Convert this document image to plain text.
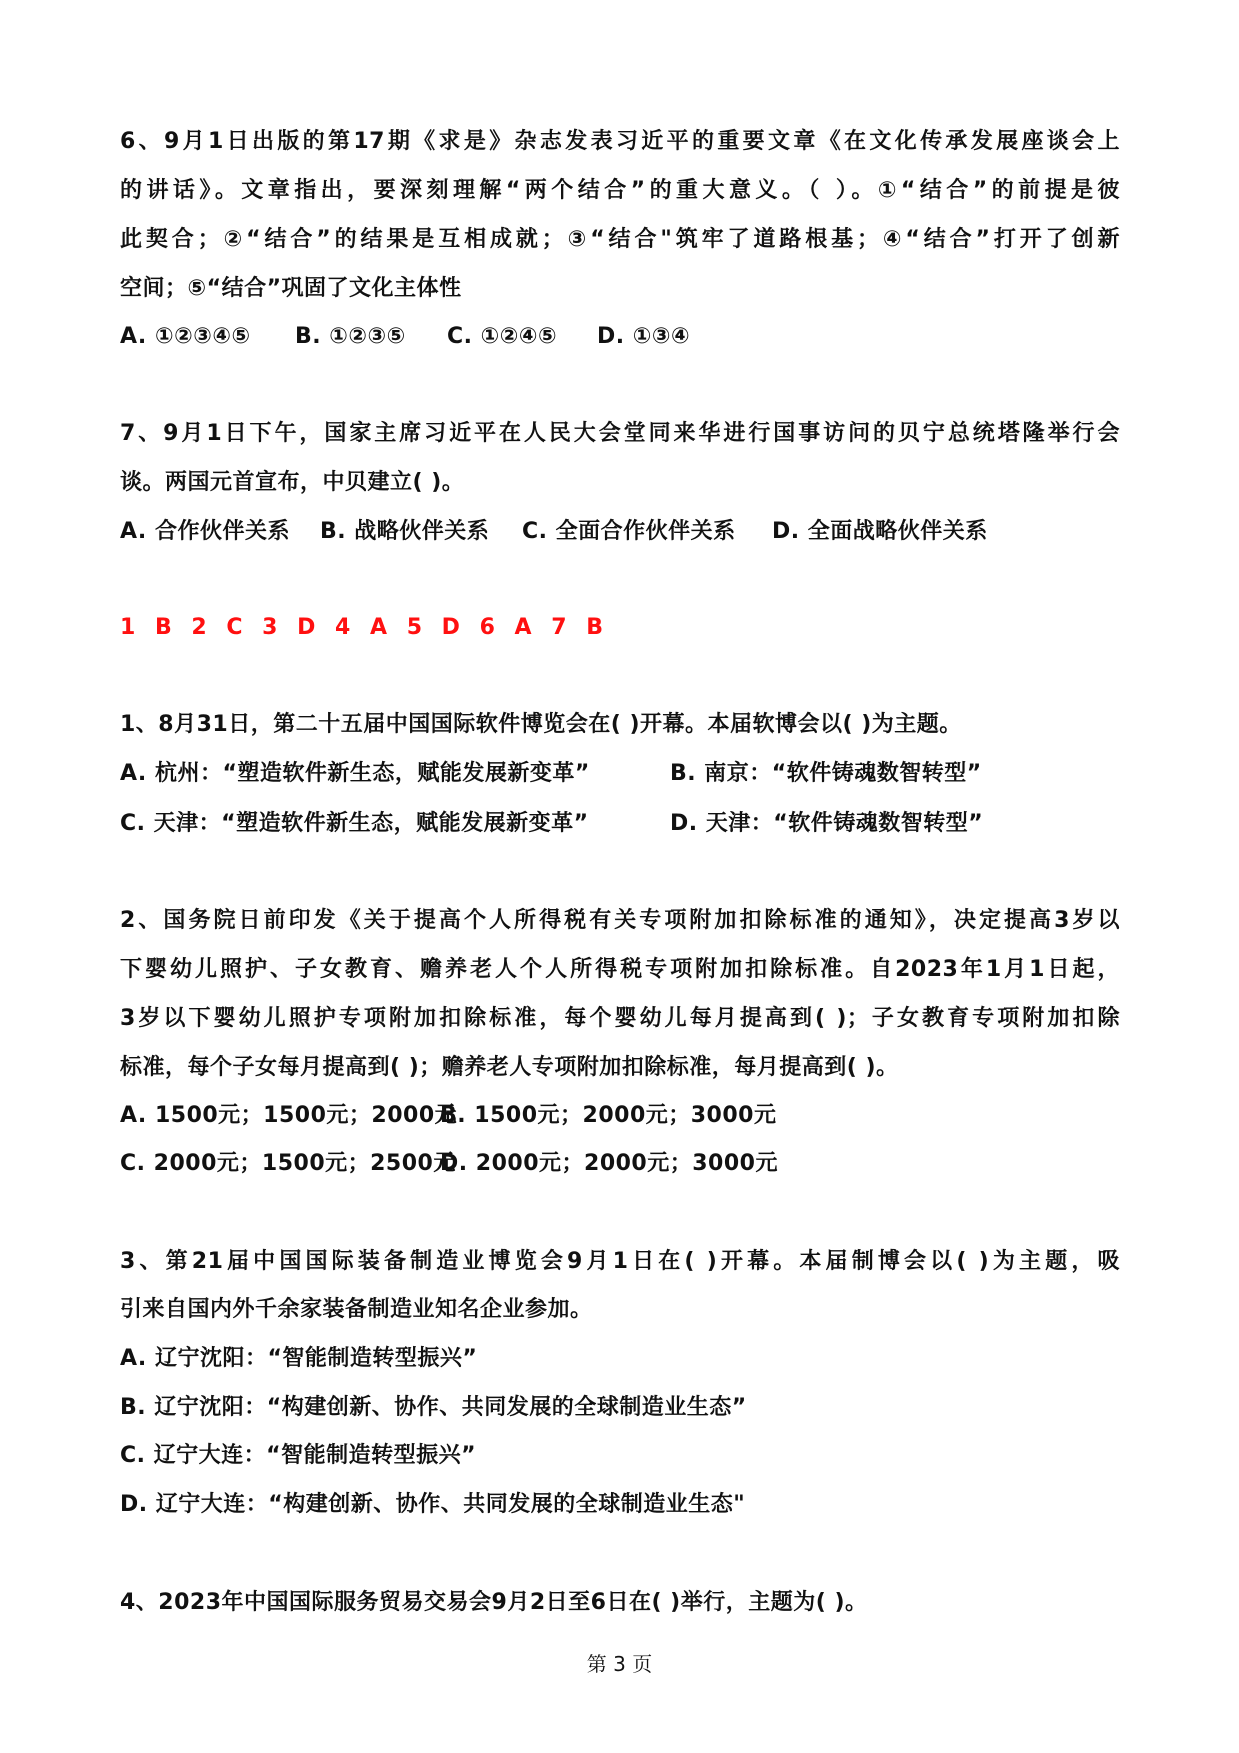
6、9月1日出版的第17期《求是》杂志发表习近平的重要文章《在文化传承发展座谈会上
的讲话》。文章指出，要深刻理解“两个结合”的重大意义。（ ）。①“结合”的前提是彼
此契合；②“结合”的结果是互相成就；③“结合"筑牢了道路根基；④“结合”打开了创新
空间；⑤“结合”巩固了文化主体性
A. ①②③④⑤ B. ①②③⑤ C. ①②④⑤ D. ①③④
7、9月1日下午，国家主席习近平在人民大会堂同来华进行国事访问的贝宁总统塔隆举行会
谈。两国元首宣布，中贝建立( )。
A. 合作伙伴关系 B. 战略伙伴关系 C. 全面合作伙伴关系 D. 全面战略伙伴关系
1 B 2 C 3 D 4 A 5 D 6 A 7 B
1、8月31日，第二十五届中国国际软件博览会在( )开幕。本届软博会以( )为主题。
A. 杭州：“塑造软件新生态，赋能发展新变革”	B. 南京：“软件铸魂数智转型”
C. 天津：“塑造软件新生态，赋能发展新变革”	D. 天津：“软件铸魂数智转型”
2、国务院日前印发《关于提高个人所得税有关专项附加扣除标准的通知》，决定提高3岁以
下婴幼儿照护、子女教育、赡养老人个人所得税专项附加扣除标准。自2023年1月1日起，
3岁以下婴幼儿照护专项附加扣除标准，每个婴幼儿每月提高到( )；子女教育专项附加扣除
标准，每个子女每月提高到( )；赡养老人专项附加扣除标准，每月提高到( )。
A. 1500元；1500元；2000元B. 1500元；2000元；3000元
C. 2000元；1500元；2500元D. 2000元；2000元；3000元
3、第21届中国国际装备制造业博览会9月1日在( )开幕。本届制博会以( )为主题，吸
引来自国内外千余家装备制造业知名企业参加。
A. 辽宁沈阳：“智能制造转型振兴”
B. 辽宁沈阳：“构建创新、协作、共同发展的全球制造业生态”
C. 辽宁大连：“智能制造转型振兴”
D. 辽宁大连：“构建创新、协作、共同发展的全球制造业生态"
4、2023年中国国际服务贸易交易会9月2日至6日在( )举行，主题为( )。
第 3 页
